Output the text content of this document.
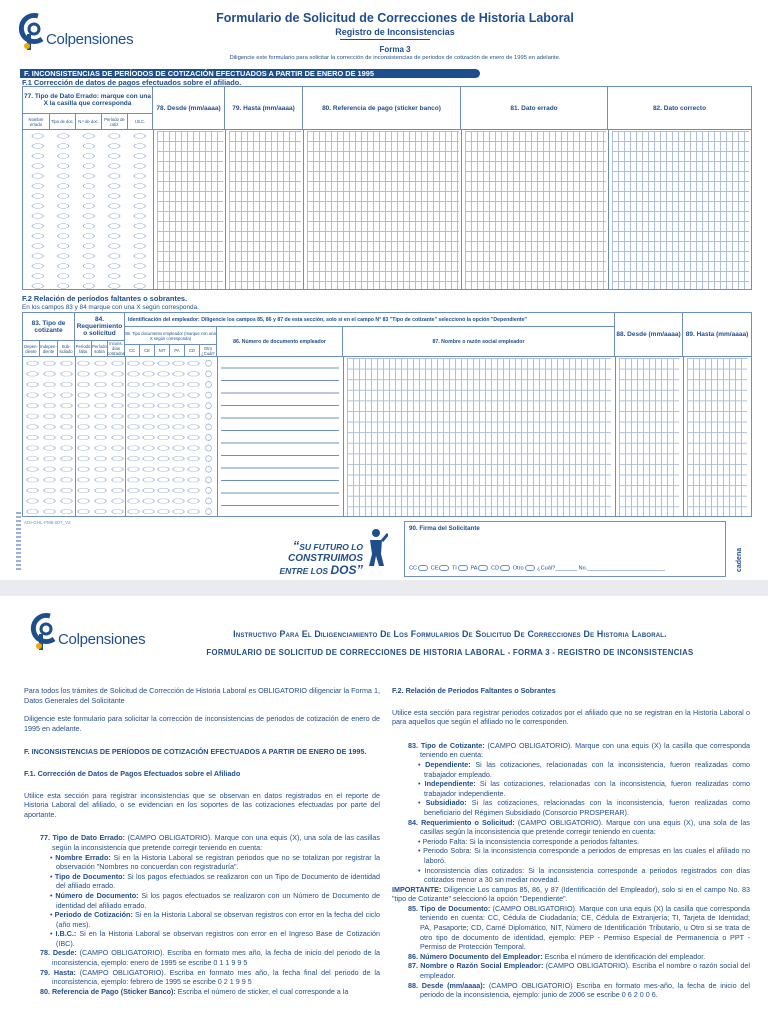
Colpensiones
Formulario de Solicitud de Correcciones de Historia Laboral
Registro de Inconsistencias
Forma 3
Diligencie este formulario para solicitar la corrección de inconsistencias de periodos de cotización de enero de 1995 en adelante.
F. INCONSISTENCIAS DE PERÍODOS DE COTIZACIÓN EFECTUADOS A PARTIR DE ENERO DE 1995
F.1 Corrección de datos de pagos efectuados sobre el afiliado.
77. Tipo de Dato Errado: marque con una X la casilla que corresponda
Nombre errado	Tipo de doc.	N.º de doc.	Período de cotiz.	I.B.C.
78. Desde (mm/aaaa)	79. Hasta (mm/aaaa)	80. Referencia de pago (sticker banco)	81. Dato errado	82. Dato correcto
F.2 Relación de períodos faltantes o sobrantes.
En los campos 83 y 84 marque con una X según corresponda.
83. Tipo de cotizante
Depen-diente
Indepen-diente
Sub-sidiado
84. Requerimiento o solicitud
Período falta
Período sobra
Incons. días cotizados
Identificación del empleador: Diligencie los campos 85, 86 y 87 de esta sección, solo si en el campo N° 83 "Tipo de cotizante" seleccionó la opción "Dependiente"
85. Tipo documento empleador (marque con una X según corresponda)
CC	CE	NIT	PA	CD	Otro ¿Cuál?
86. Número de documento empleador	87. Nombre o razón social empleador
88. Desde (mm/aaaa) 89. Hasta (mm/aaaa)
ADI-GHL-FM6-007_V2
“SU FUTURO LO CONSTRUIMOS
ENTRE LOS DOS”
90. Firma del Solicitante
CC CE TI PA CD Otro ¿Cuál?_______ No._________________________	cadena
Colpensiones	Instructivo Para El Diligenciamiento De Los Formularios De Solicitud De Correcciones De Historia Laboral.
FORMULARIO DE SOLICITUD DE CORRECCIONES DE HISTORIA LABORAL - FORMA 3 - REGISTRO DE INCONSISTENCIAS

Para todos los trámites de Solicitud de Corrección de Historia Laboral es OBLIGATORIO diligenciar la Forma 1, Datos Generales del Solicitante

Diligencie este formulario para solicitar la corrección de inconsistencias de periodos de cotización de enero de 1995 en adelante.

F. INCONSISTENCIAS DE PERÍODOS DE COTIZACIÓN EFECTUADOS A PARTIR DE ENERO DE 1995.
F.1. Corrección de Datos de Pagos Efectuados sobre el Afiliado

Utilice esta sección para registrar inconsistencias que se observan en datos registrados en el reporte de Historia Laboral del afiliado, o se evidencian en los soportes de las cotizaciones efectuadas por parte del aportante.

77. Tipo de Dato Errado: (CAMPO OBLIGATORIO). Marque con una equis (X), una sola de las casillas según la inconsistencia que pretende corregir teniendo en cuenta:
• Nombre Errado: Si en la Historia Laboral se registran periodos que no se totalizan por registrar la observación "Nombres no concuerdan con registraduría".
• Tipo de Documento: Si los pagos efectuados se realizaron con un Tipo de Documento de identidad del afiliado errado.
• Número de Documento: Si los pagos efectuados se realizaron con un Número de Documento de identidad del afiliado errado.
• Periodo de Cotización: Si en la Historia Laboral se observan registros con error en la fecha del ciclo (año mes).
• I.B.C.: Si en la Historia Laboral se observan registros con error en el Ingreso Base de Cotización (IBC).
78. Desde: (CAMPO OBLIGATORIO). Escriba en formato mes año, la fecha de inicio del periodo de la inconsistencia, ejemplo: enero de 1995 se escribe 0 1 1 9 9 5
79. Hasta: (CAMPO OBLIGATORIO). Escriba en formato mes año, la fecha final del periodo de la inconsistencia, ejemplo: febrero de 1995 se escribe 0 2 1 9 9 5
80. Referencia de Pago (Sticker Banco): Escriba el número de sticker, el cual corresponde a la
F.2. Relación de Periodos Faltantes o Sobrantes

Utilice esta sección para registrar periodos cotizados por el afiliado que no se registran en la Historia Laboral o para aquellos que según el afiliado no le corresponden.

83. Tipo de Cotizante: (CAMPO OBLIGATORIO). Marque con una equis (X) la casilla que corresponda teniendo en cuenta:
• Dependiente: Si las cotizaciones, relacionadas con la inconsistencia, fueron realizadas como trabajador empleado.
• Independiente: Si las cotizaciones, relacionadas con la inconsistencia, fueron realizadas como trabajador independiente.
• Subsidiado: Si las cotizaciones, relacionadas con la inconsistencia, fueron realizadas como beneficiario del Régimen Subsidiado (Consorcio PROSPERAR).
84. Requerimiento o Solicitud: (CAMPO OBLIGATORIO). Marque con una equis (X), una sola de las casillas según la inconsistencia que pretende corregir teniendo en cuenta:
• Periodo Falta: Si la inconsistencia corresponde a periodos faltantes.
• Periodo Sobra: Si la inconsistencia corresponde a periodos de empresas en las cuales el afiliado no laboró.
• Inconsistencia días cotizados: Si la inconsistencia corresponde a periodos registrados con días cotizados menor a 30 sin mediar novedad.
IMPORTANTE: Diligencie Los campos 85, 86, y 87 (Identificación del Empleador), solo si en el campo No. 83 "tipo de Cotizante" seleccionó la opción "Dependiente".
85. Tipo de Documento: (CAMPO OBLIGATORIO). Marque con una equis (X) la casilla que corresponda teniendo en cuenta: CC, Cédula de Ciudadanía; CE, Cédula de Extranjería; TI, Tarjeta de Identidad; PA, Pasaporte; CD, Carné Diplomático, NIT, Número de Identificación Tributario, u Otro si se trata de otro tipo de documento de identidad, ejemplo: PEP - Permiso Especial de Permanencia o PPT - Permiso de Protección Temporal.
86. Número Documento del Empleador: Escriba el número de identificación del empleador.
87. Nombre o Razón Social Empleador: (CAMPO OBLIGATORIO). Escriba el nombre o razón social del empleador.
88. Desde (mm/aaaa): (CAMPO OBLIGATORIO) Escriba en formato mes-año, la fecha de inicio del periodo de la inconsistencia, ejemplo: junio de 2006 se escribe 0 6 2 0 0 6.
